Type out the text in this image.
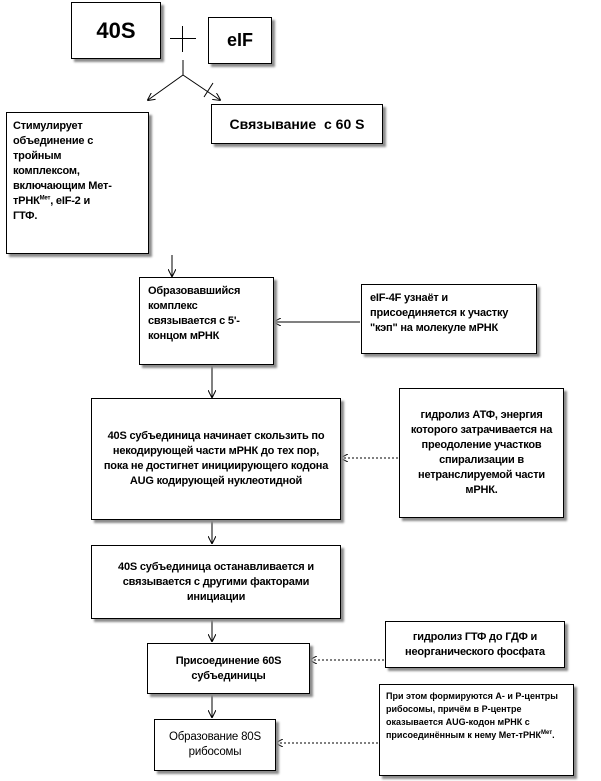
40S	eIF
Стимулирует
объединение с
тройным
комплексом,
включающим Мет-
тРНК$^{Мет}$, eIF-2 и
ГТФ.
Связывание  с 60 S
Образовавшийся комплекс связывается с 5'-концом мРНК
eIF-4F узнаёт и присоединяется к участку "кэп" на молекуле мРНК
40S субъединица начинает скользить по некодирующей части мРНК до тех пор, пока не достигнет инициирующего кодона AUG кодирующей нуклеотидной
гидролиз АТФ, энергия которого затрачивается на преодоление участков спирализации в нетранслируемой части мРНК.
40S субъединица останавливается и связывается с другими факторами инициации
гидролиз ГТФ до ГДФ и неорганического фосфата
Присоединение 60S субъединицы
Образование 80S рибосомы
При этом формируются А- и Р-центры рибосомы, причём в Р-центре оказывается AUG-кодон мРНК с присоединённым к нему Мет-тРНК$^{Мет}$.
